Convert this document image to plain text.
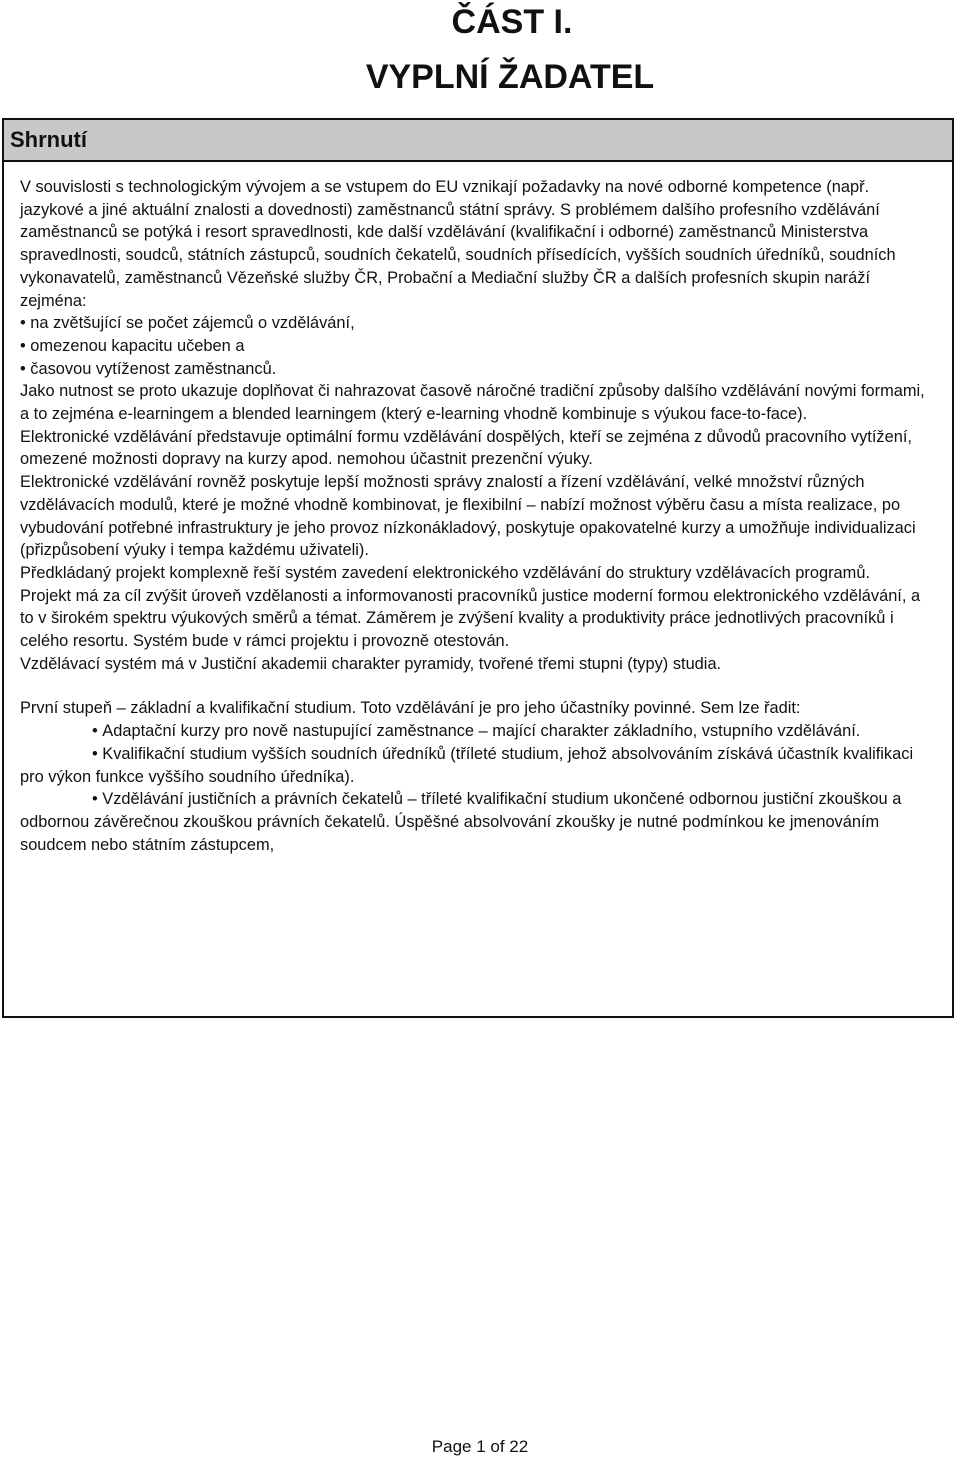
ČÁST I.
VYPLNÍ ŽADATEL
Shrnutí

V souvislosti s technologickým vývojem a se vstupem do EU vznikají požadavky na nové odborné kompetence (např. jazykové a jiné aktuální znalosti a dovednosti) zaměstnanců státní správy. S problémem dalšího profesního vzdělávání zaměstnanců se potýká i resort spravedlnosti, kde další vzdělávání (kvalifikační i odborné) zaměstnanců Ministerstva spravedlnosti, soudců, státních zástupců, soudních čekatelů, soudních přísedících, vyšších soudních úředníků, soudních vykonavatelů, zaměstnanců Vězeňské služby ČR, Probační a Mediační služby ČR a dalších profesních skupin naráží zejména:

• na zvětšující se počet zájemců o vzdělávání,

• omezenou kapacitu učeben a

• časovou vytíženost zaměstnanců.

Jako nutnost se proto ukazuje doplňovat či nahrazovat časově náročné tradiční způsoby dalšího vzdělávání novými formami, a to zejména e-learningem a blended learningem (který e-learning vhodně kombinuje s výukou face-to-face).

Elektronické vzdělávání představuje optimální formu vzdělávání dospělých, kteří se zejména z důvodů pracovního vytížení, omezené možnosti dopravy na kurzy apod. nemohou účastnit prezenční výuky.

Elektronické vzdělávání rovněž poskytuje lepší možnosti správy znalostí a řízení vzdělávání, velké množství různých vzdělávacích modulů, které je možné vhodně kombinovat, je flexibilní – nabízí možnost výběru času a místa realizace, po vybudování potřebné infrastruktury je jeho provoz nízkonákladový, poskytuje opakovatelné kurzy a umožňuje individualizaci (přizpůsobení výuky i tempa každému uživateli).

Předkládaný projekt komplexně řeší systém zavedení elektronického vzdělávání do struktury vzdělávacích programů.

Projekt má za cíl zvýšit úroveň vzdělanosti a informovanosti pracovníků justice moderní formou elektronického vzdělávání, a to v širokém spektru výukových směrů a témat. Záměrem je zvýšení kvality a produktivity práce jednotlivých pracovníků i celého resortu. Systém bude v rámci projektu i provozně otestován.

Vzdělávací systém má v Justiční akademii charakter pyramidy, tvořené třemi stupni (typy) studia.

První stupeň – základní a kvalifikační studium. Toto vzdělávání je pro jeho účastníky povinné. Sem lze řadit:

• Adaptační kurzy pro nově nastupující zaměstnance – mající charakter základního, vstupního vzdělávání.

• Kvalifikační studium vyšších soudních úředníků (tříleté studium, jehož absolvováním získává účastník kvalifikaci pro výkon funkce vyššího soudního úředníka).

• Vzdělávání justičních a právních čekatelů – tříleté kvalifikační studium ukončené odbornou justiční zkouškou a odbornou závěrečnou zkouškou právních čekatelů. Úspěšné absolvování zkoušky je nutné podmínkou ke jmenováním soudcem nebo státním zástupcem,

Page 1 of 22
